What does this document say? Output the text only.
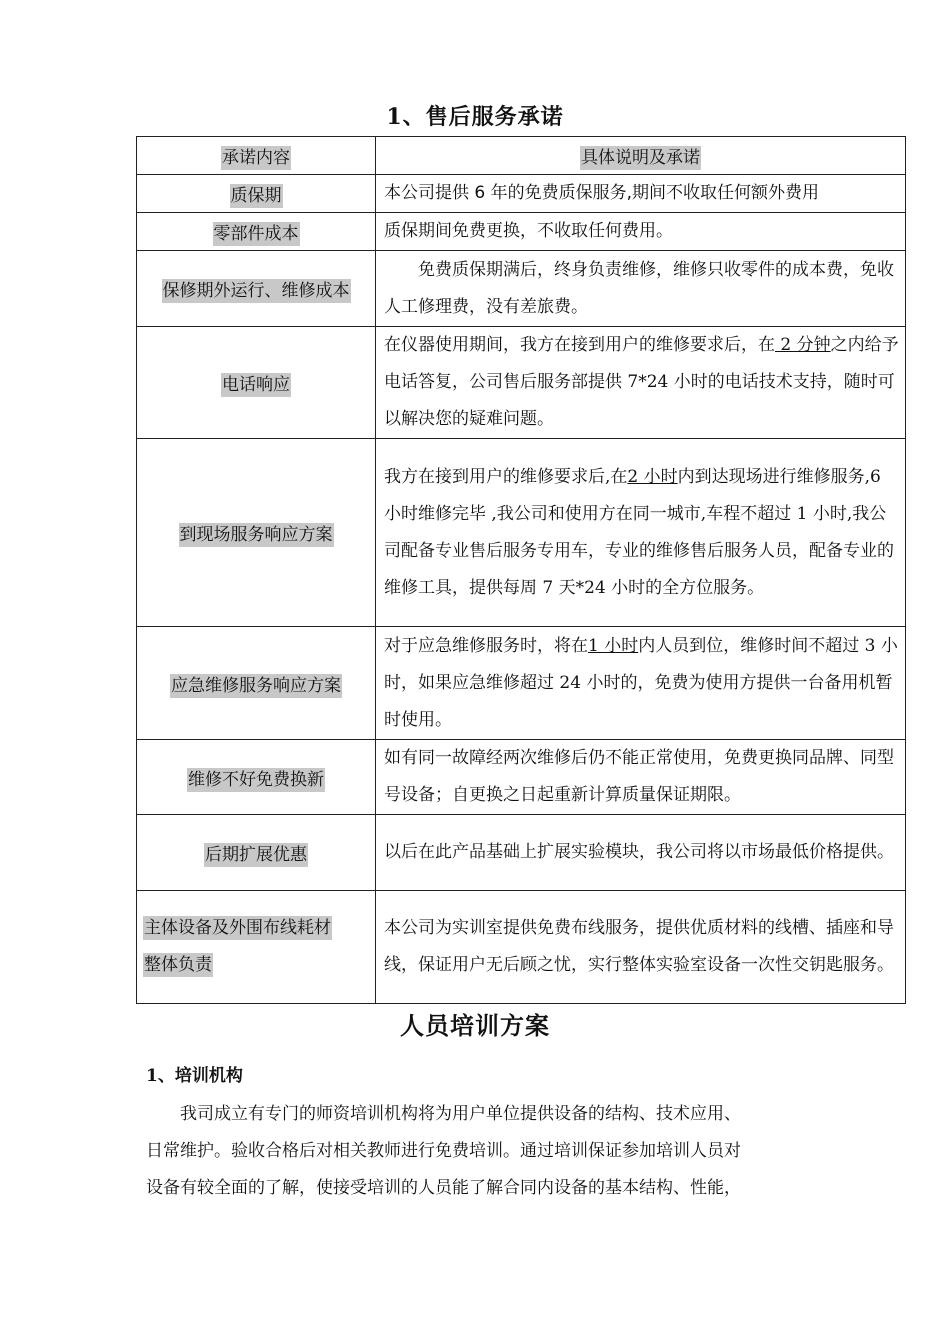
1、售后服务承诺
承诺内容	具体说明及承诺
质保期	本公司提供 6 年的免费质保服务,期间不收取任何额外费用
零部件成本	质保期间免费更换，不收取任何费用。
保修期外运行、维修成本	免费质保期满后，终身负责维修，维修只收零件的成本费，免收人工修理费，没有差旅费。
电话响应	在仪器使用期间，我方在接到用户的维修要求后，在 2 分钟之内给予电话答复，公司售后服务部提供 7*24 小时的电话技术支持，随时可以解决您的疑难问题。
到现场服务响应方案	我方在接到用户的维修要求后,在2 小时内到达现场进行维修服务,6 小时维修完毕 ,我公司和使用方在同一城市,车程不超过 1 小时,我公司配备专业售后服务专用车，专业的维修售后服务人员，配备专业的维修工具，提供每周 7 天*24 小时的全方位服务。
应急维修服务响应方案	对于应急维修服务时，将在1 小时内人员到位，维修时间不超过 3 小时，如果应急维修超过 24 小时的，免费为使用方提供一台备用机暂时使用。
维修不好免费换新	如有同一故障经两次维修后仍不能正常使用，免费更换同品牌、同型号设备；自更换之日起重新计算质量保证期限。
后期扩展优惠	以后在此产品基础上扩展实验模块，我公司将以市场最低价格提供。
主体设备及外围布线耗材
整体负责	本公司为实训室提供免费布线服务，提供优质材料的线槽、插座和导线，保证用户无后顾之忧，实行整体实验室设备一次性交钥匙服务。
人员培训方案
1、培训机构
我司成立有专门的师资培训机构将为用户单位提供设备的结构、技术应用、
日常维护。验收合格后对相关教师进行免费培训。通过培训保证参加培训人员对
设备有较全面的了解，使接受培训的人员能了解合同内设备的基本结构、性能，
